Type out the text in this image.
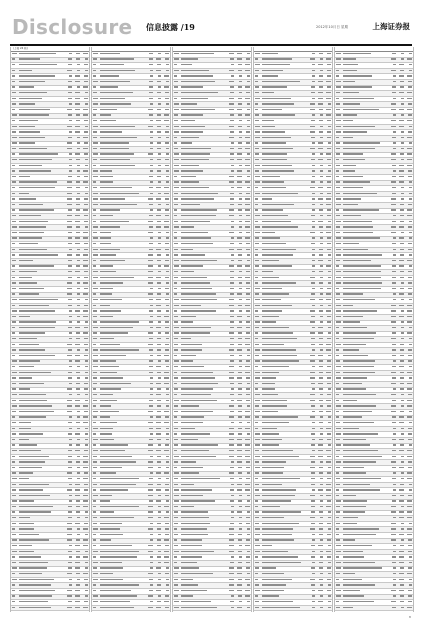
Disclosure 信息披露 /19	2012年10月日 星期	上海证券报
(上接 24 版)
B
